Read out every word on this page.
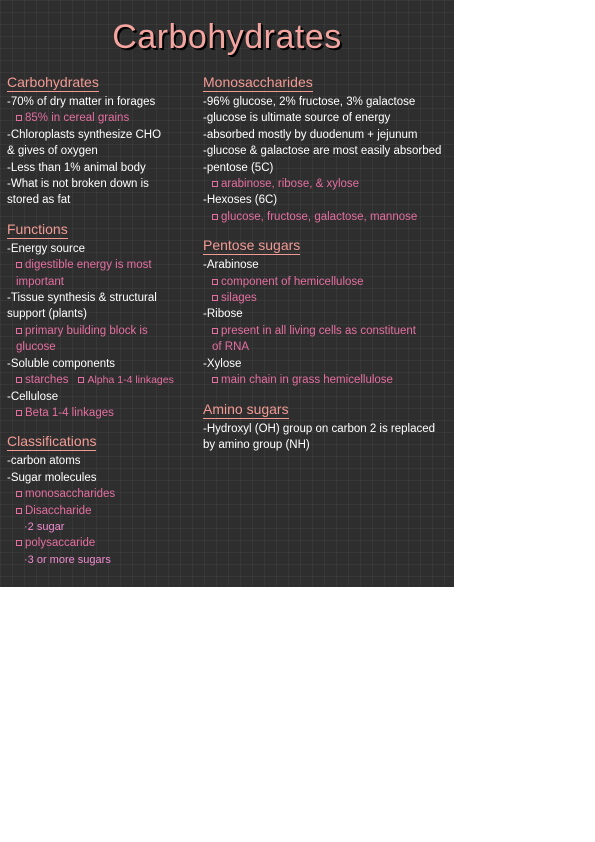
Carbohydrates
Carbohydrates
-70% of dry matter in forages
85% in cereal grains
-Chloroplasts synthesize CHO
& gives of oxygen
-Less than 1% animal body
-What is not broken down is
stored as fat
Functions
-Energy source
digestible energy is most
important
-Tissue synthesis & structural
support (plants)
primary building block is
glucose
-Soluble components
starches Alpha 1-4 linkages
-Cellulose
Beta 1-4 linkages
Classifications
-carbon atoms
-Sugar molecules
monosaccharides
Disaccharide
·2 sugar
polysaccaride
·3 or more sugars
Monosaccharides
-96% glucose, 2% fructose, 3% galactose
-glucose is ultimate source of energy
-absorbed mostly by duodenum + jejunum
-glucose & galactose are most easily absorbed
-pentose (5C)
arabinose, ribose, & xylose
-Hexoses (6C)
glucose, fructose, galactose, mannose
Pentose sugars
-Arabinose
component of hemicellulose
silages
-Ribose
present in all living cells as constituent
of RNA
-Xylose
main chain in grass hemicellulose
Amino sugars
-Hydroxyl (OH) group on carbon 2 is replaced
by amino group (NH)
